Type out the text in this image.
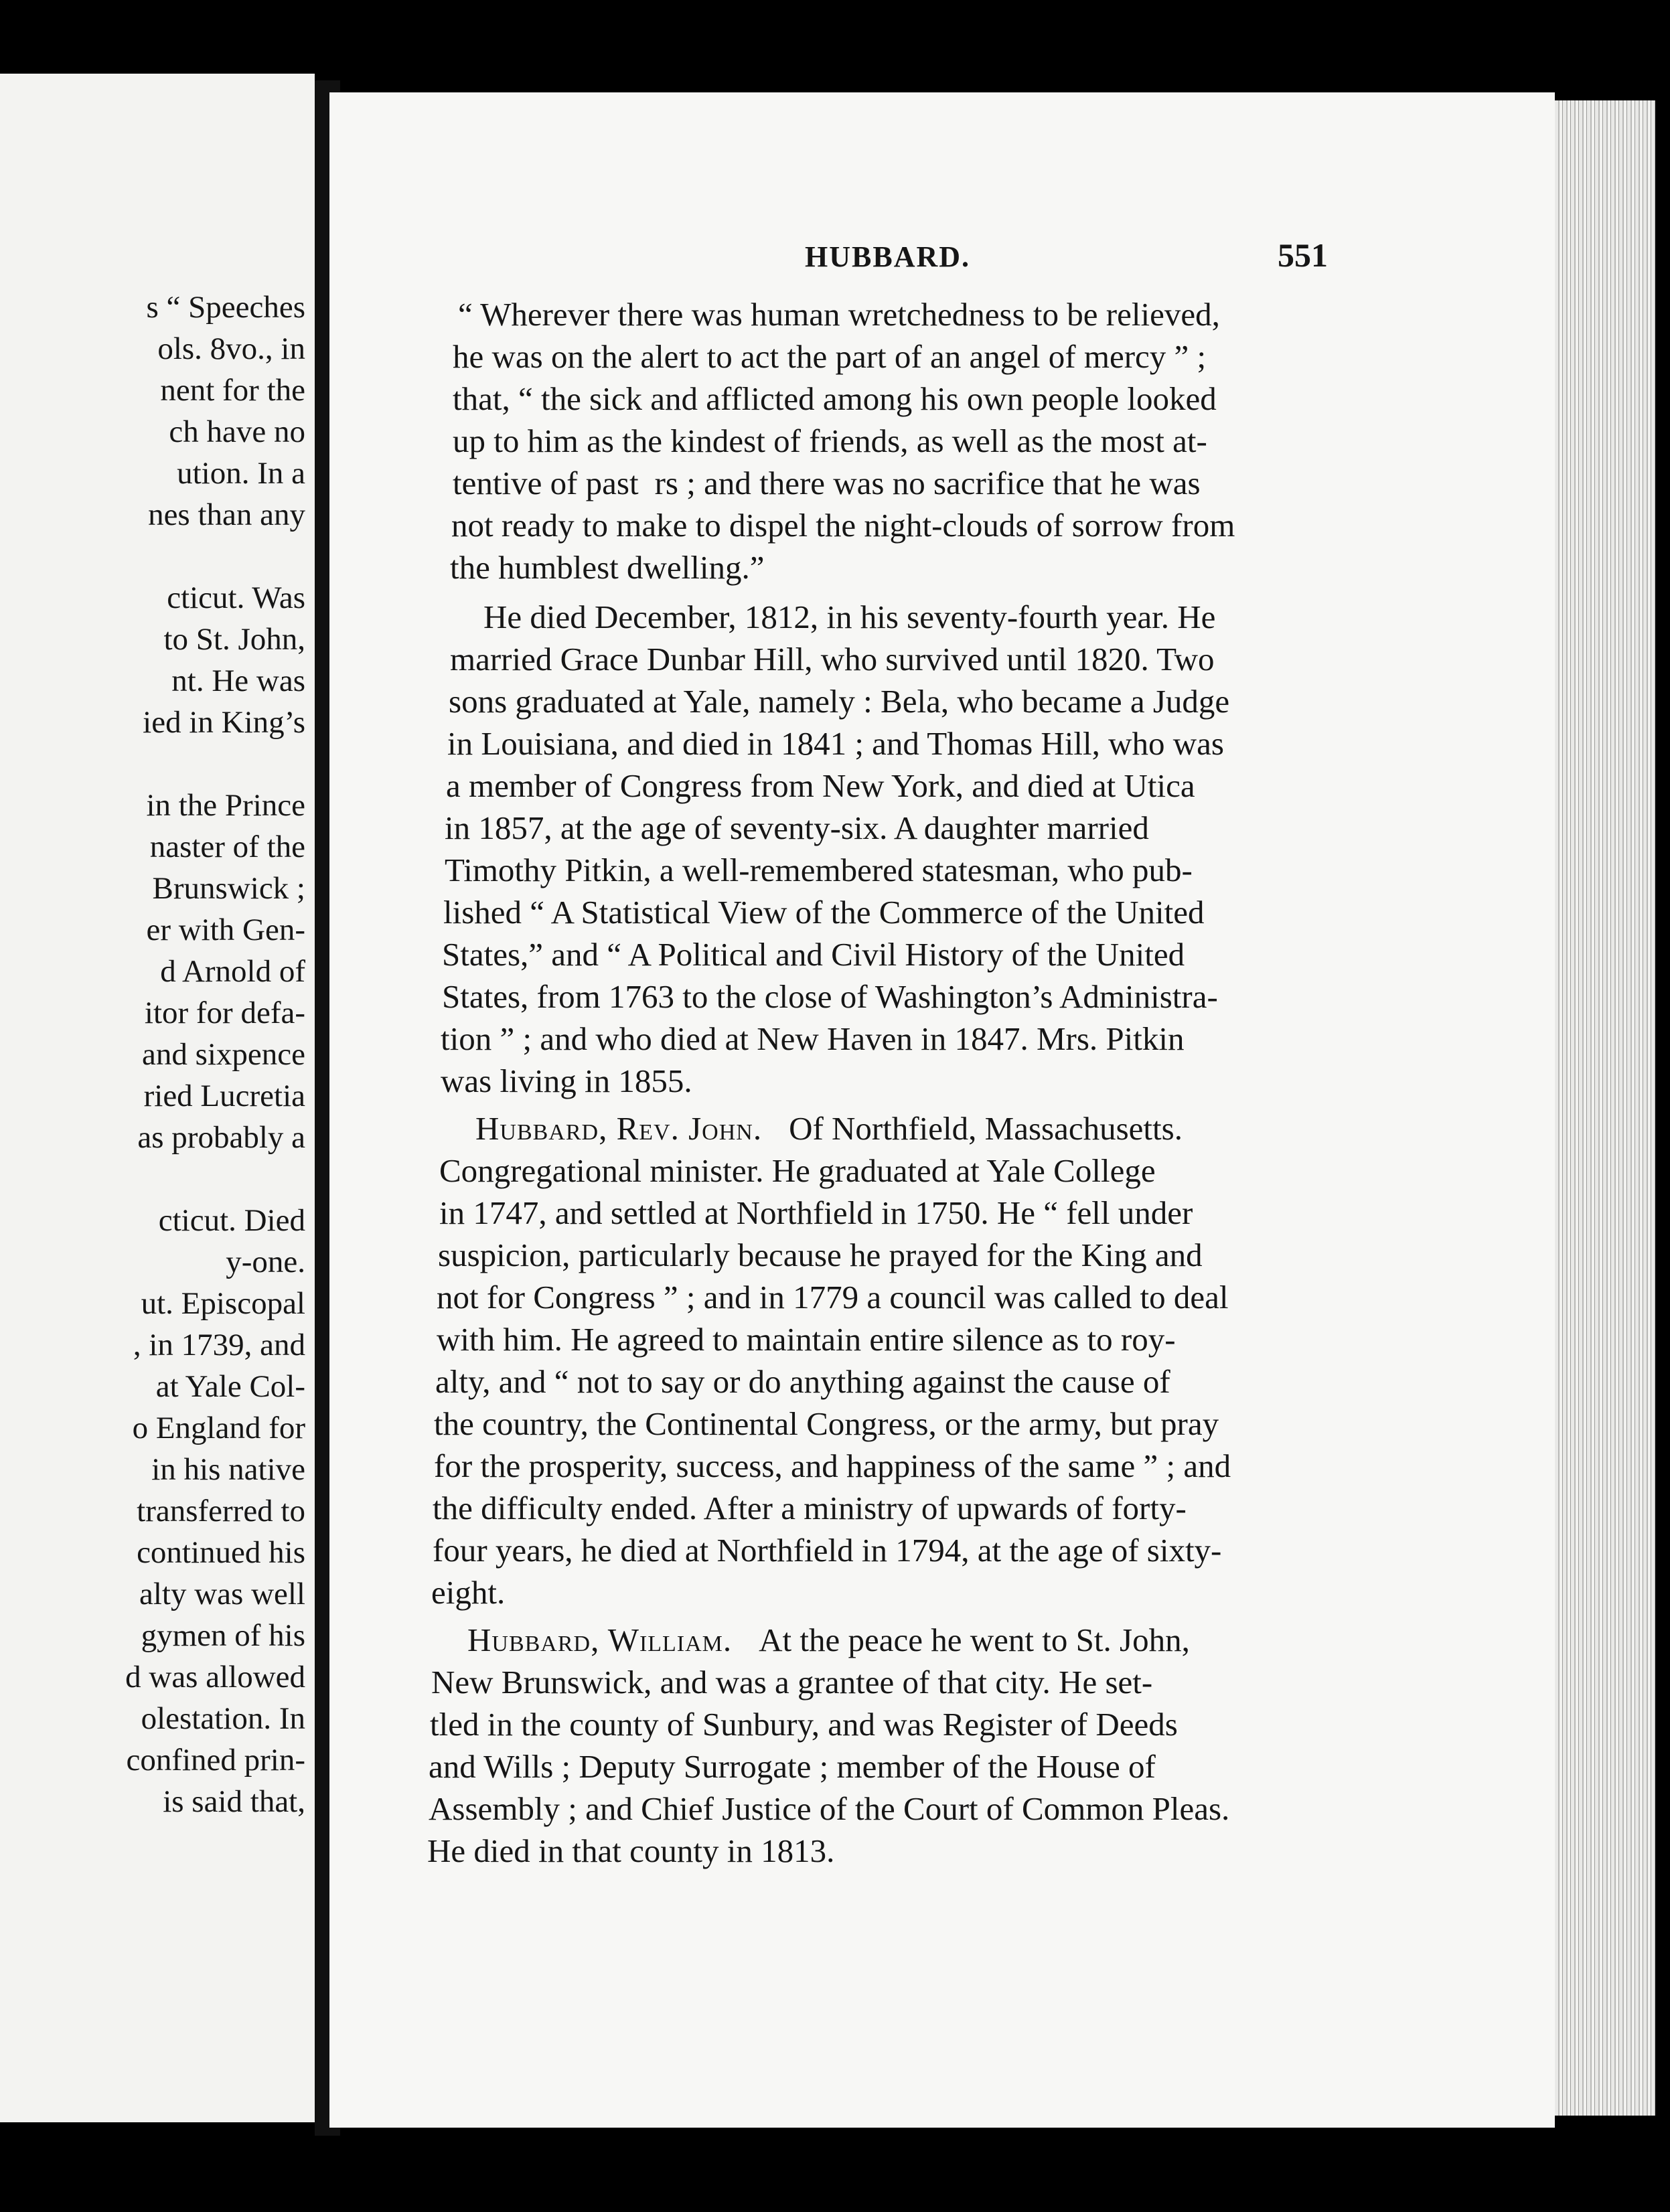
s “ Speeches
ols. 8vo., in
nent for the
ch have no
ution. In a
nes than any
cticut. Was
to St. John,
nt. He was
ied in King’s
in the Prince
naster of the
Brunswick ;
er with Gen-
d Arnold of
itor for defa-
and sixpence
ried Lucretia
as probably a
cticut. Died
y-one.
ut. Episcopal
, in 1739, and
at Yale Col-
o England for
in his native
transferred to
continued his
alty was well
gymen of his
d was allowed
olestation. In
confined prin-
is said that,
HUBBARD.	551
“ Wherever there was human wretchedness to be relieved,
he was on the alert to act the part of an angel of mercy ” ;
that, “ the sick and afflicted among his own people looked
up to him as the kindest of friends, as well as the most at-
tentive of past rs ; and there was no sacrifice that he was
not ready to make to dispel the night-clouds of sorrow from
the humblest dwelling.”
He died December, 1812, in his seventy-fourth year. He
married Grace Dunbar Hill, who survived until 1820. Two
sons graduated at Yale, namely : Bela, who became a Judge
in Louisiana, and died in 1841 ; and Thomas Hill, who was
a member of Congress from New York, and died at Utica
in 1857, at the age of seventy-six. A daughter married
Timothy Pitkin, a well-remembered statesman, who pub-
lished “ A Statistical View of the Commerce of the United
States,” and “ A Political and Civil History of the United
States, from 1763 to the close of Washington’s Administra-
tion ” ; and who died at New Haven in 1847. Mrs. Pitkin
was living in 1855.
Hubbard, Rev. John. Of Northfield, Massachusetts.
Congregational minister. He graduated at Yale College
in 1747, and settled at Northfield in 1750. He “ fell under
suspicion, particularly because he prayed for the King and
not for Congress ” ; and in 1779 a council was called to deal
with him. He agreed to maintain entire silence as to roy-
alty, and “ not to say or do anything against the cause of
the country, the Continental Congress, or the army, but pray
for the prosperity, success, and happiness of the same ” ; and
the difficulty ended. After a ministry of upwards of forty-
four years, he died at Northfield in 1794, at the age of sixty-
eight.
Hubbard, William. At the peace he went to St. John,
New Brunswick, and was a grantee of that city. He set-
tled in the county of Sunbury, and was Register of Deeds
and Wills ; Deputy Surrogate ; member of the House of
Assembly ; and Chief Justice of the Court of Common Pleas.
He died in that county in 1813.
